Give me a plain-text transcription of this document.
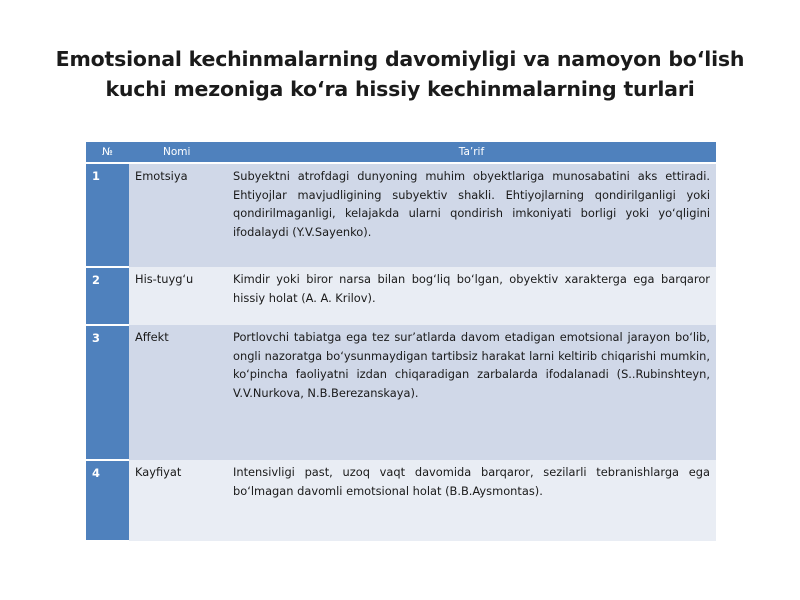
Emotsional kechinmalarning davomiyligi va namoyon bo‘lish
kuchi mezoniga ko‘ra hissiy kechinmalarning turlari
№	Nomi	Ta’rif
1	Emotsiya	Subyektni atrofdagi dunyoning muhim obyektlariga munosabatini aks ettiradi. Ehtiyojlar mavjudligining subyektiv shakli. Ehtiyojlarning qondirilganligi yoki qondirilmaganligi, kelajakda ularni qondirish imkoniyati borligi yoki yo‘qligini ifodalaydi (Y.V.Sayenko).
2	His-tuyg‘u	Kimdir yoki biror narsa bilan bog‘liq bo‘lgan, obyektiv xarakterga ega barqaror hissiy holat (A. A. Krilov).
3	Affekt	Portlovchi tabiatga ega tez sur’atlarda davom etadigan emotsional jarayon bo‘lib, ongli nazoratga bo‘ysunmaydigan tartibsiz harakat larni keltirib chiqarishi mumkin, ko‘pincha faoliyatni izdan chiqaradigan zarbalarda ifodalanadi (S..Rubinshteyn, V.V.Nurkova, N.B.Berezanskaya).
4	Kayfiyat	Intensivligi past, uzoq vaqt davomida barqaror, sezilarli tebranishlarga ega bo‘lmagan davomli emotsional holat (B.B.Aysmontas).
